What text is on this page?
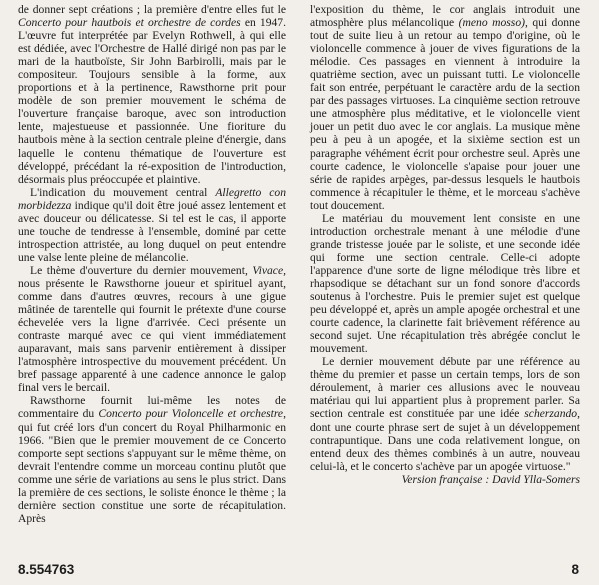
de donner sept créations ; la première d'entre elles fut le Concerto pour hautbois et orchestre de cordes en 1947. L'œuvre fut interprétée par Evelyn Rothwell, à qui elle est dédiée, avec l'Orchestre de Hallé dirigé non pas par le mari de la hautboïste, Sir John Barbirolli, mais par le compositeur. Toujours sensible à la forme, aux proportions et à la pertinence, Rawsthorne prit pour modèle de son premier mouvement le schéma de l'ouverture française baroque, avec son introduction lente, majestueuse et passionnée. Une fioriture du hautbois mène à la section centrale pleine d'énergie, dans laquelle le contenu thématique de l'ouverture est développé, précédant la ré-exposition de l'introduction, désormais plus préoccupée et plaintive.

L'indication du mouvement central Allegretto con morbidezza indique qu'il doit être joué assez lentement et avec douceur ou délicatesse. Si tel est le cas, il apporte une touche de tendresse à l'ensemble, dominé par cette introspection attristée, au long duquel on peut entendre une valse lente pleine de mélancolie.

Le thème d'ouverture du dernier mouvement, Vivace, nous présente le Rawsthorne joueur et spirituel ayant, comme dans d'autres œuvres, recours à une gigue mâtinée de tarentelle qui fournit le prétexte d'une course échevelée vers la ligne d'arrivée. Ceci présente un contraste marqué avec ce qui vient immédiatement auparavant, mais sans parvenir entièrement à dissiper l'atmosphère introspective du mouvement précédent. Un bref passage apparenté à une cadence annonce le galop final vers le bercail.

Rawsthorne fournit lui-même les notes de commentaire du Concerto pour Violoncelle et orchestre, qui fut créé lors d'un concert du Royal Philharmonic en 1966. "Bien que le premier mouvement de ce Concerto comporte sept sections s'appuyant sur le même thème, on devrait l'entendre comme un morceau continu plutôt que comme une série de variations au sens le plus strict. Dans la première de ces sections, le soliste énonce le thème ; la dernière section constitue une sorte de récapitulation. Après

l'exposition du thème, le cor anglais introduit une atmosphère plus mélancolique (meno mosso), qui donne tout de suite lieu à un retour au tempo d'origine, où le violoncelle commence à jouer de vives figurations de la mélodie. Ces passages en viennent à introduire la quatrième section, avec un puissant tutti. Le violoncelle fait son entrée, perpétuant le caractère ardu de la section par des passages virtuoses. La cinquième section retrouve une atmosphère plus méditative, et le violoncelle vient jouer un petit duo avec le cor anglais. La musique mène peu à peu à un apogée, et la sixième section est un paragraphe véhément écrit pour orchestre seul. Après une courte cadence, le violoncelle s'apaise pour jouer une série de rapides arpèges, par-dessus lesquels le hautbois commence à récapituler le thème, et le morceau s'achève tout doucement.

Le matériau du mouvement lent consiste en une introduction orchestrale menant à une mélodie d'une grande tristesse jouée par le soliste, et une seconde idée qui forme une section centrale. Celle-ci adopte l'apparence d'une sorte de ligne mélodique très libre et rhapsodique se détachant sur un fond sonore d'accords soutenus à l'orchestre. Puis le premier sujet est quelque peu développé et, après un ample apogée orchestral et une courte cadence, la clarinette fait brièvement référence au second sujet. Une récapitulation très abrégée conclut le mouvement.

Le dernier mouvement débute par une référence au thème du premier et passe un certain temps, lors de son déroulement, à marier ces allusions avec le nouveau matériau qui lui appartient plus à proprement parler. Sa section centrale est constituée par une idée scherzando, dont une courte phrase sert de sujet à un développement contrapuntique. Dans une coda relativement longue, on entend deux des thèmes combinés à un autre, nouveau celui-là, et le concerto s'achève par un apogée virtuose."

Version française : David Ylla-Somers

8.554763	8
